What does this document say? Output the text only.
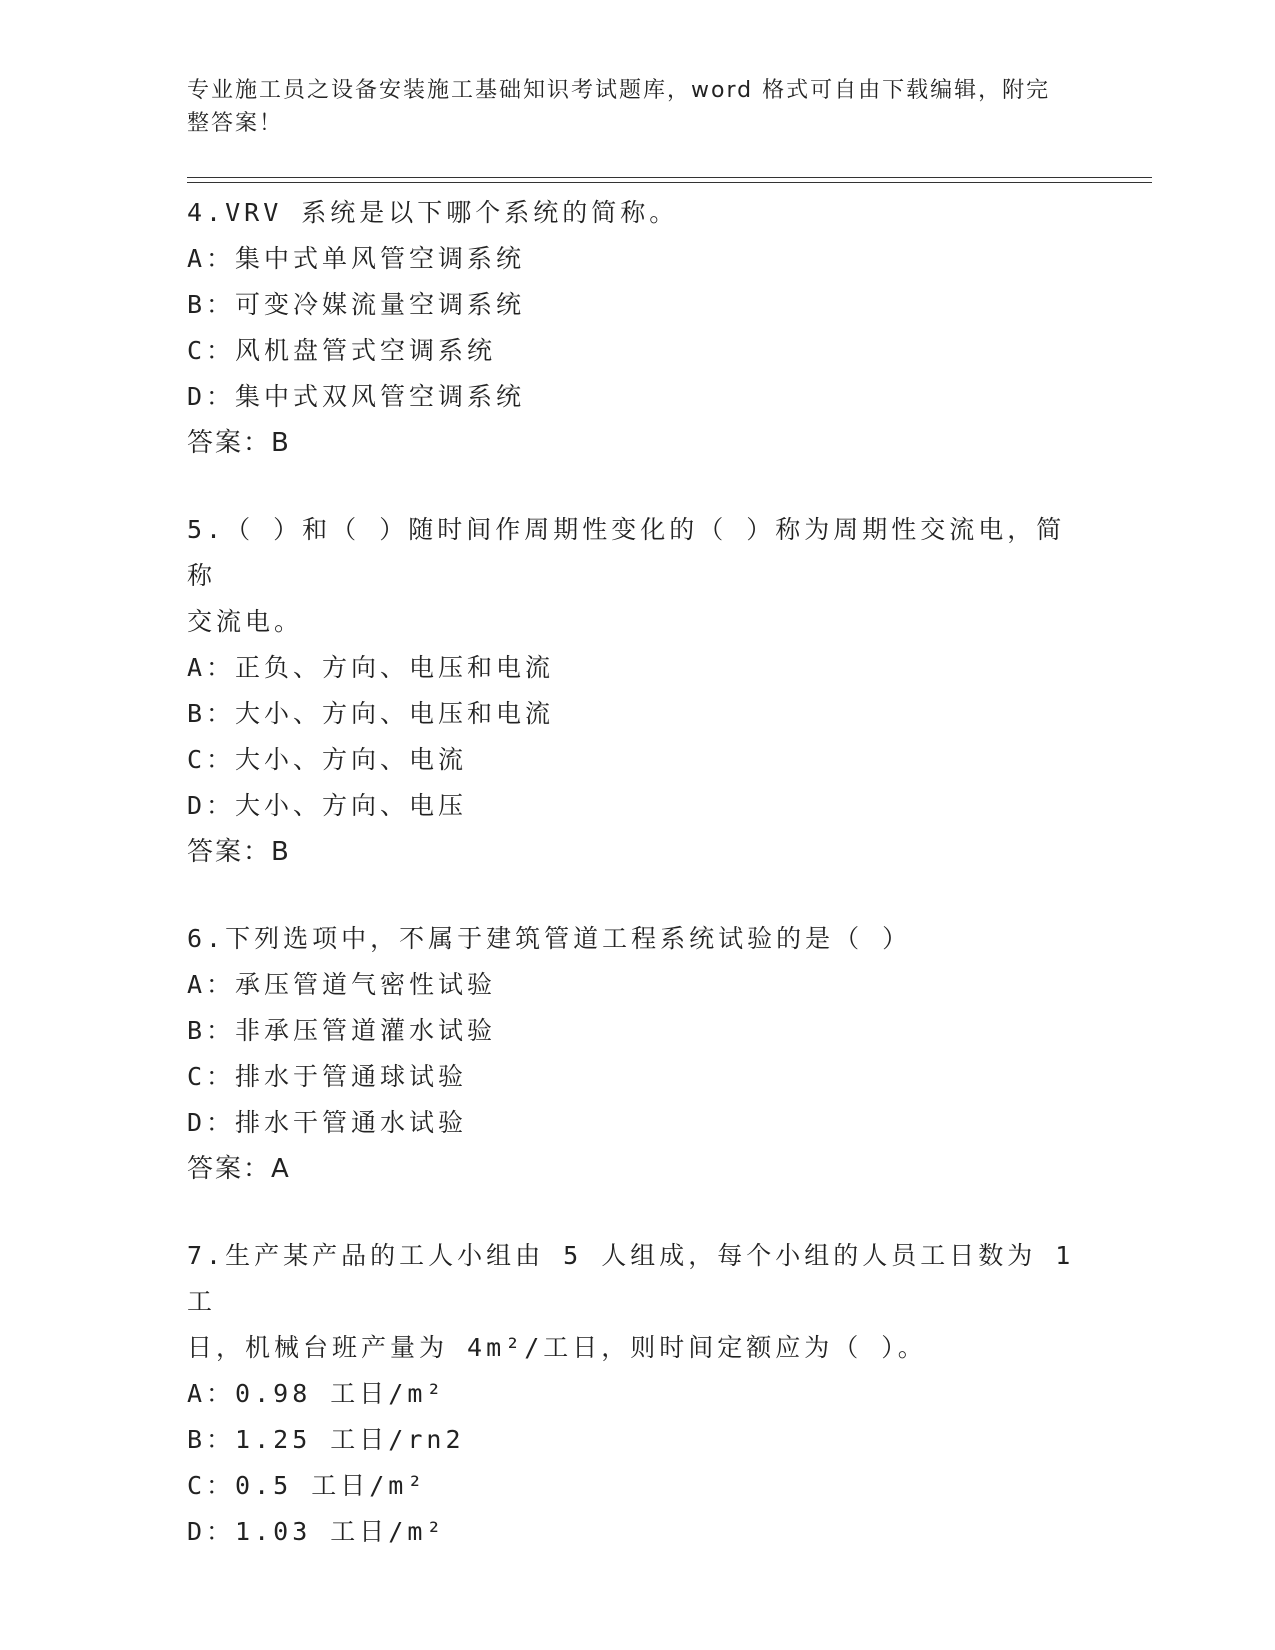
专业施工员之设备安装施工基础知识考试题库，word 格式可自由下载编辑，附完
整答案！
4.VRV 系统是以下哪个系统的简称。
A：集中式单风管空调系统
B：可变冷媒流量空调系统
C：风机盘管式空调系统
D：集中式双风管空调系统
答案：B
5.（ ）和（ ）随时间作周期性变化的（ ）称为周期性交流电，简称
交流电。
A：正负、方向、电压和电流
B：大小、方向、电压和电流
C：大小、方向、电流
D：大小、方向、电压
答案：B
6.下列选项中，不属于建筑管道工程系统试验的是（ ）
A：承压管道气密性试验
B：非承压管道灌水试验
C：排水于管通球试验
D：排水干管通水试验
答案：A
7.生产某产品的工人小组由 5 人组成，每个小组的人员工日数为 1 工
日，机械台班产量为 4m²/工日，则时间定额应为（ ）。
A：0.98 工日/m²
B：1.25 工日/rn2
C：0.5 工日/m²
D：1.03 工日/m²
